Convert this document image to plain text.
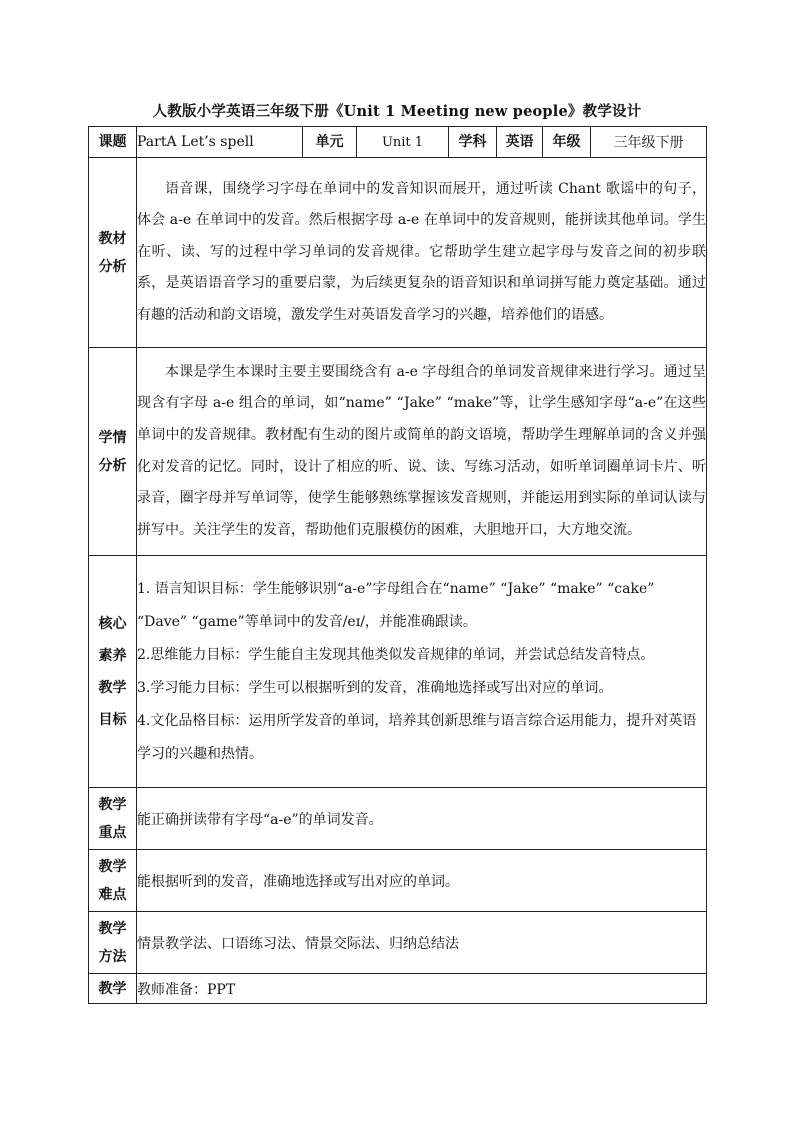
人教版小学英语三年级下册《Unit 1 Meeting new people》教学设计
课题	PartA Let’s spell	单元	Unit 1	学科	英语	年级	三年级下册

教材分析	语音课，围绕学习字母在单词中的发音知识而展开，通过听读 Chant 歌谣中的句子，体会 a-e 在单词中的发音。然后根据字母 a-e 在单词中的发音规则，能拼读其他单词。学生在听、读、写的过程中学习单词的发音规律。它帮助学生建立起字母与发音之间的初步联系，是英语语音学习的重要启蒙，为后续更复杂的语音知识和单词拼写能力奠定基础。通过有趣的活动和韵文语境，激发学生对英语发音学习的兴趣，培养他们的语感。						

学情分析	本课是学生本课时主要主要围绕含有 a-e 字母组合的单词发音规律来进行学习。通过呈现含有字母 a-e 组合的单词，如“name” “Jake” “make”等，让学生感知字母“a-e”在这些单词中的发音规律。教材配有生动的图片或简单的韵文语境，帮助学生理解单词的含义并强化对发音的记忆。同时，设计了相应的听、说、读、写练习活动，如听单词圈单词卡片、听录音，圈字母并写单词等，使学生能够熟练掌握该发音规则，并能运用到实际的单词认读与拼写中。关注学生的发音，帮助他们克服模仿的困难，大胆地开口，大方地交流。						

核心素养教学目标	1. 语言知识目标：学生能够识别“a-e”字母组合在“name” “Jake” “make” “cake” “Dave” “game”等单词中的发音/eɪ/，并能准确跟读。

2.思维能力目标：学生能自主发现其他类似发音规律的单词，并尝试总结发音特点。

3.学习能力目标：学生可以根据听到的发音，准确地选择或写出对应的单词。

4.文化品格目标：运用所学发音的单词，培养其创新思维与语言综合运用能力，提升对英语学习的兴趣和热情。						

教学重点	能正确拼读带有字母“a-e”的单词发音。						

教学难点	能根据听到的发音，准确地选择或写出对应的单词。						

教学方法	情景教学法、口语练习法、情景交际法、归纳总结法						
教学	教师准备：PPT						
